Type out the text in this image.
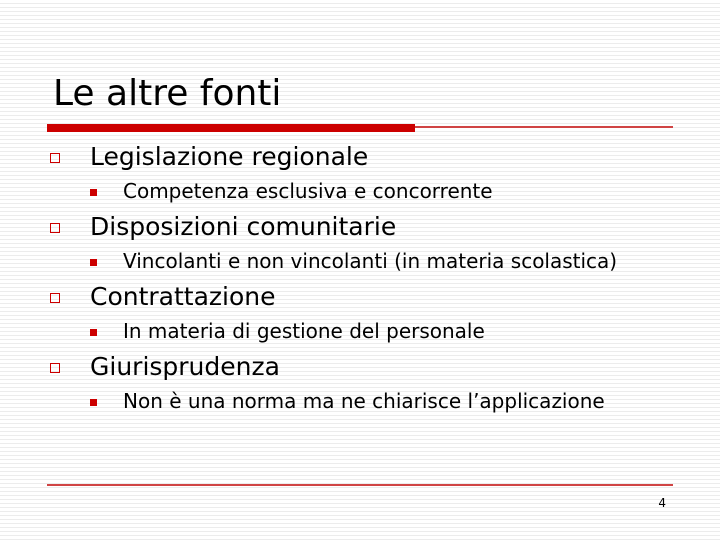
Le altre fonti
Legislazione regionale
Competenza esclusiva e concorrente
Disposizioni comunitarie
Vincolanti e non vincolanti (in materia scolastica)
Contrattazione
In materia di gestione del personale
Giurisprudenza
Non è una norma ma ne chiarisce l’applicazione
4
